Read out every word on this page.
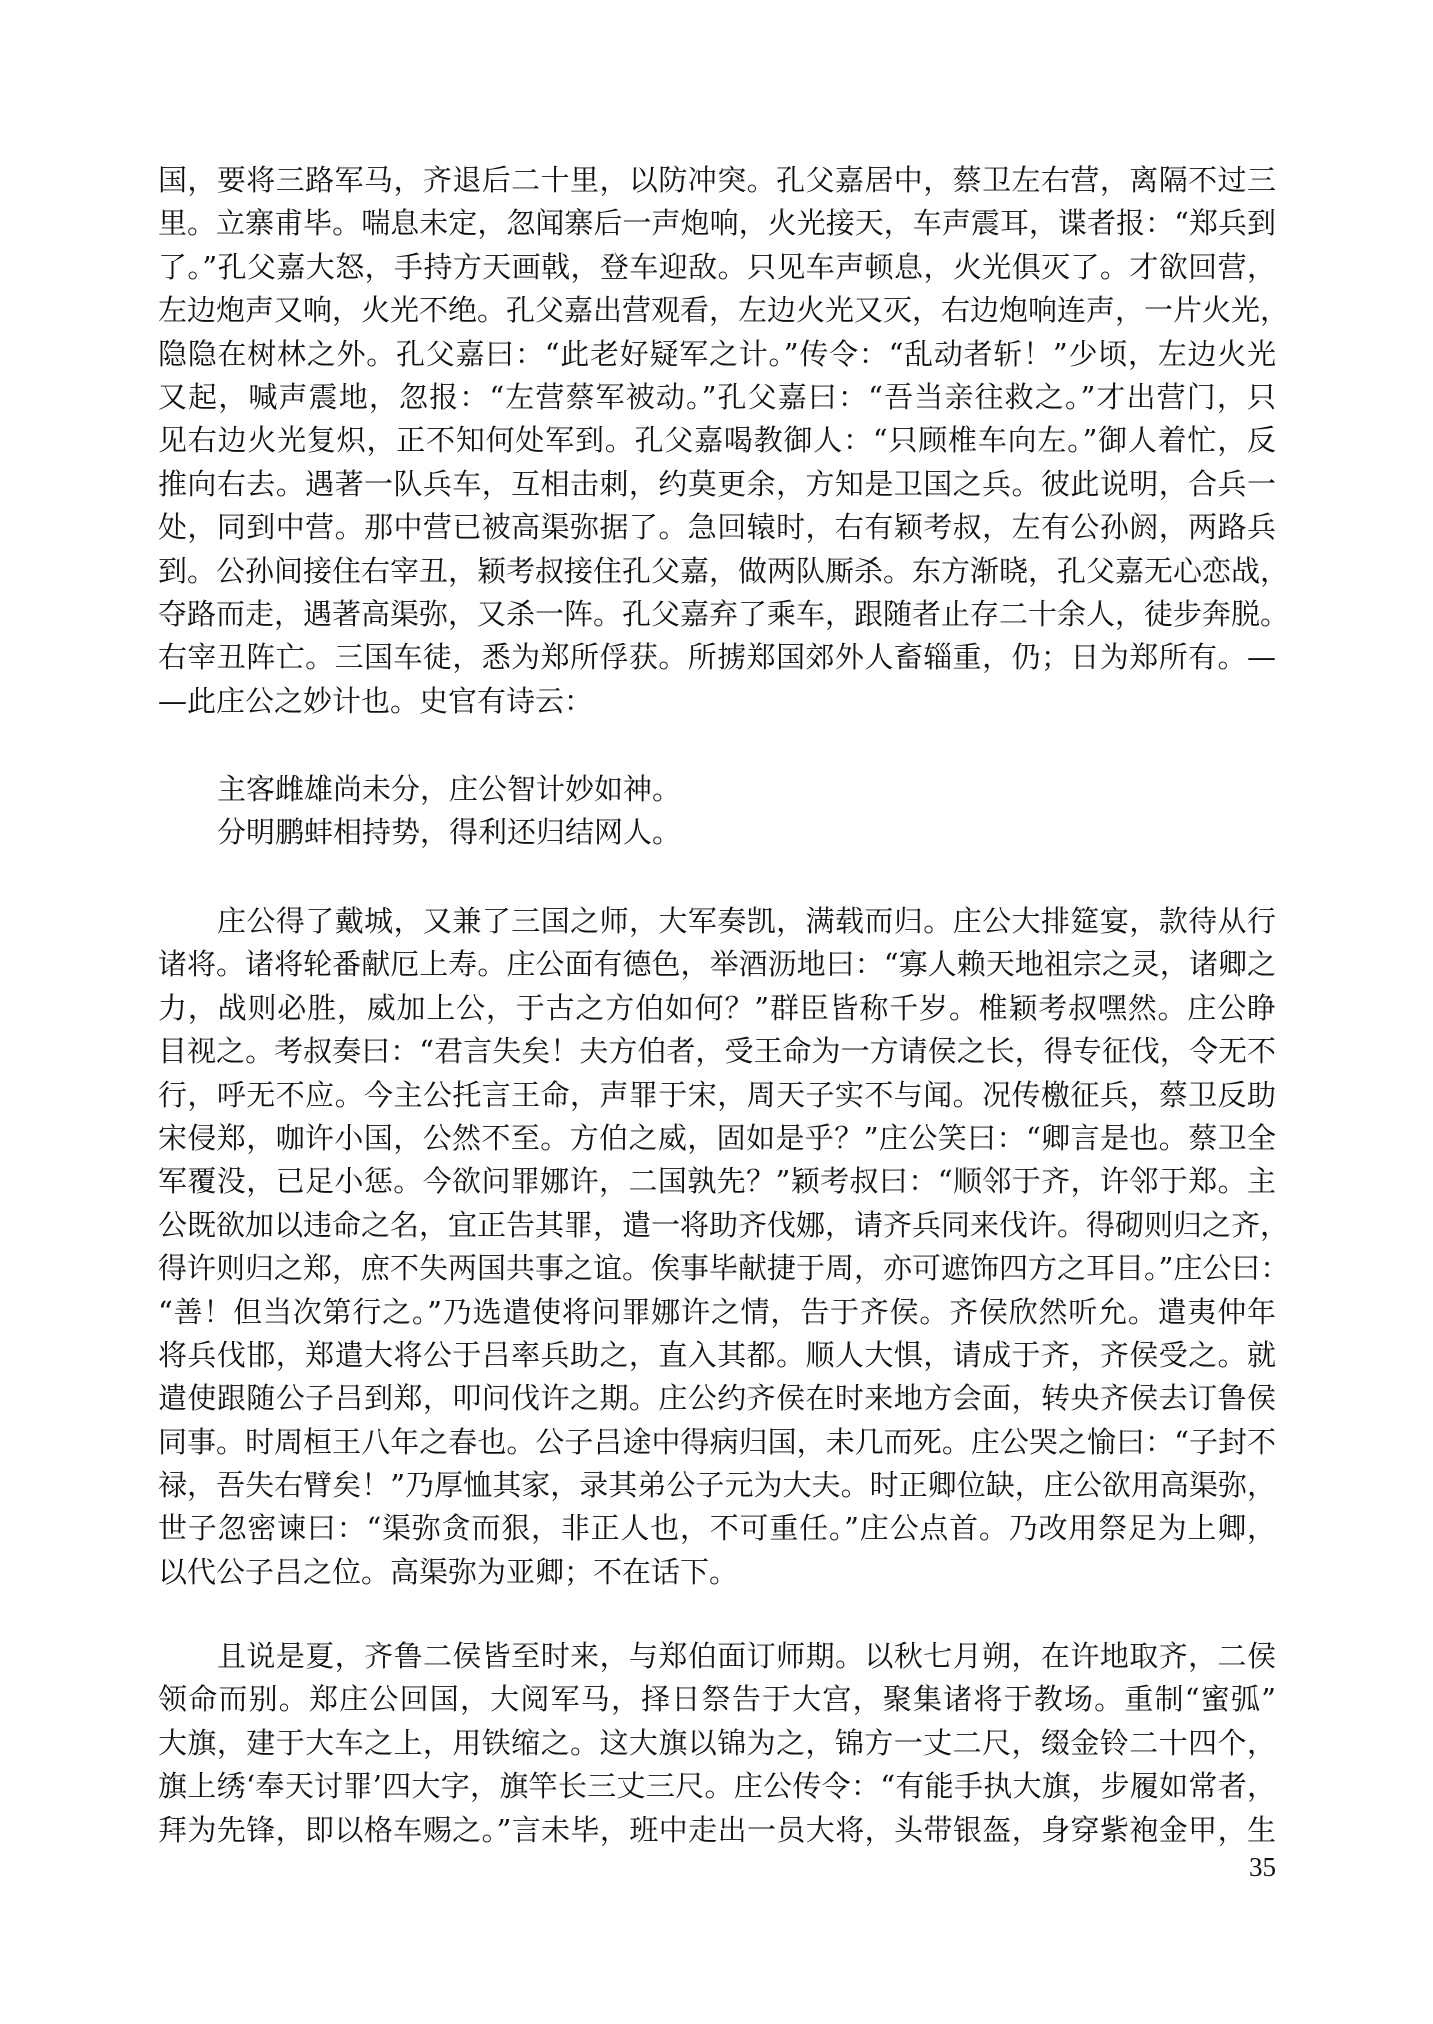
国，要将三路军马，齐退后二十里，以防冲突。孔父嘉居中，蔡卫左右营，离隔不过三
里。立寨甫毕。喘息未定，忽闻寨后一声炮响，火光接天，车声震耳，谍者报：“郑兵到
了。”孔父嘉大怒，手持方天画戟，登车迎敌。只见车声顿息，火光俱灭了。才欲回营，
左边炮声又响，火光不绝。孔父嘉出营观看，左边火光又灭，右边炮响连声，一片火光，
隐隐在树林之外。孔父嘉曰：“此老好疑军之计。”传令：“乱动者斩！”少顷，左边火光
又起，喊声震地，忽报：“左营蔡军被动。”孔父嘉曰：“吾当亲往救之。”才出营门，只
见右边火光复炽，正不知何处军到。孔父嘉喝教御人：“只顾椎车向左。”御人着忙，反
推向右去。遇著一队兵车，互相击刺，约莫更余，方知是卫国之兵。彼此说明，合兵一
处，同到中营。那中营已被高渠弥据了。急回辕时，右有颖考叔，左有公孙阏，两路兵
到。公孙间接住右宰丑，颖考叔接住孔父嘉，做两队厮杀。东方渐晓，孔父嘉无心恋战，
夺路而走，遇著高渠弥，又杀一阵。孔父嘉弃了乘车，跟随者止存二十余人，徒步奔脱。
右宰丑阵亡。三国车徒，悉为郑所俘获。所掳郑国郊外人畜辎重，仍；日为郑所有。—
—此庄公之妙计也。史官有诗云：
主客雌雄尚未分，庄公智计妙如神。
分明鹏蚌相持势，得利还归结网人。
庄公得了戴城，又兼了三国之师，大军奏凯，满载而归。庄公大排筵宴，款待从行
诸将。诸将轮番献厄上寿。庄公面有德色，举酒沥地曰：“寡人赖天地祖宗之灵，诸卿之
力，战则必胜，威加上公，于古之方伯如何？”群臣皆称千岁。椎颖考叔嘿然。庄公睁
目视之。考叔奏曰：“君言失矣！夫方伯者，受王命为一方请侯之长，得专征伐，令无不
行，呼无不应。今主公托言王命，声罪于宋，周天子实不与闻。况传檄征兵，蔡卫反助
宋侵郑，咖许小国，公然不至。方伯之威，固如是乎？”庄公笑曰：“卿言是也。蔡卫全
军覆没，已足小惩。今欲问罪娜许，二国孰先？”颖考叔曰：“顺邻于齐，许邻于郑。主
公既欲加以违命之名，宜正告其罪，遣一将助齐伐娜，请齐兵同来伐许。得砌则归之齐，
得许则归之郑，庶不失两国共事之谊。俟事毕献捷于周，亦可遮饰四方之耳目。”庄公曰：
“善！但当次第行之。”乃选遣使将问罪娜许之情，告于齐侯。齐侯欣然听允。遣夷仲年
将兵伐邯，郑遣大将公于吕率兵助之，直入其都。顺人大惧，请成于齐，齐侯受之。就
遣使跟随公子吕到郑，叩问伐许之期。庄公约齐侯在时来地方会面，转央齐侯去订鲁侯
同事。时周桓王八年之春也。公子吕途中得病归国，未几而死。庄公哭之愉曰：“子封不
禄，吾失右臂矣！”乃厚恤其家，录其弟公子元为大夫。时正卿位缺，庄公欲用高渠弥，
世子忽密谏曰：“渠弥贪而狠，非正人也，不可重任。”庄公点首。乃改用祭足为上卿，
以代公子吕之位。高渠弥为亚卿；不在话下。
且说是夏，齐鲁二侯皆至时来，与郑伯面订师期。以秋七月朔，在许地取齐，二侯
领命而别。郑庄公回国，大阅军马，择日祭告于大宫，聚集诸将于教场。重制“蜜弧”
大旗，建于大车之上，用铁缩之。这大旗以锦为之，锦方一丈二尺，缀金铃二十四个，
旗上绣‘奉天讨罪’四大字，旗竿长三丈三尺。庄公传令：“有能手执大旗，步履如常者，
拜为先锋，即以格车赐之。”言未毕，班中走出一员大将，头带银盔，身穿紫袍金甲，生
35
